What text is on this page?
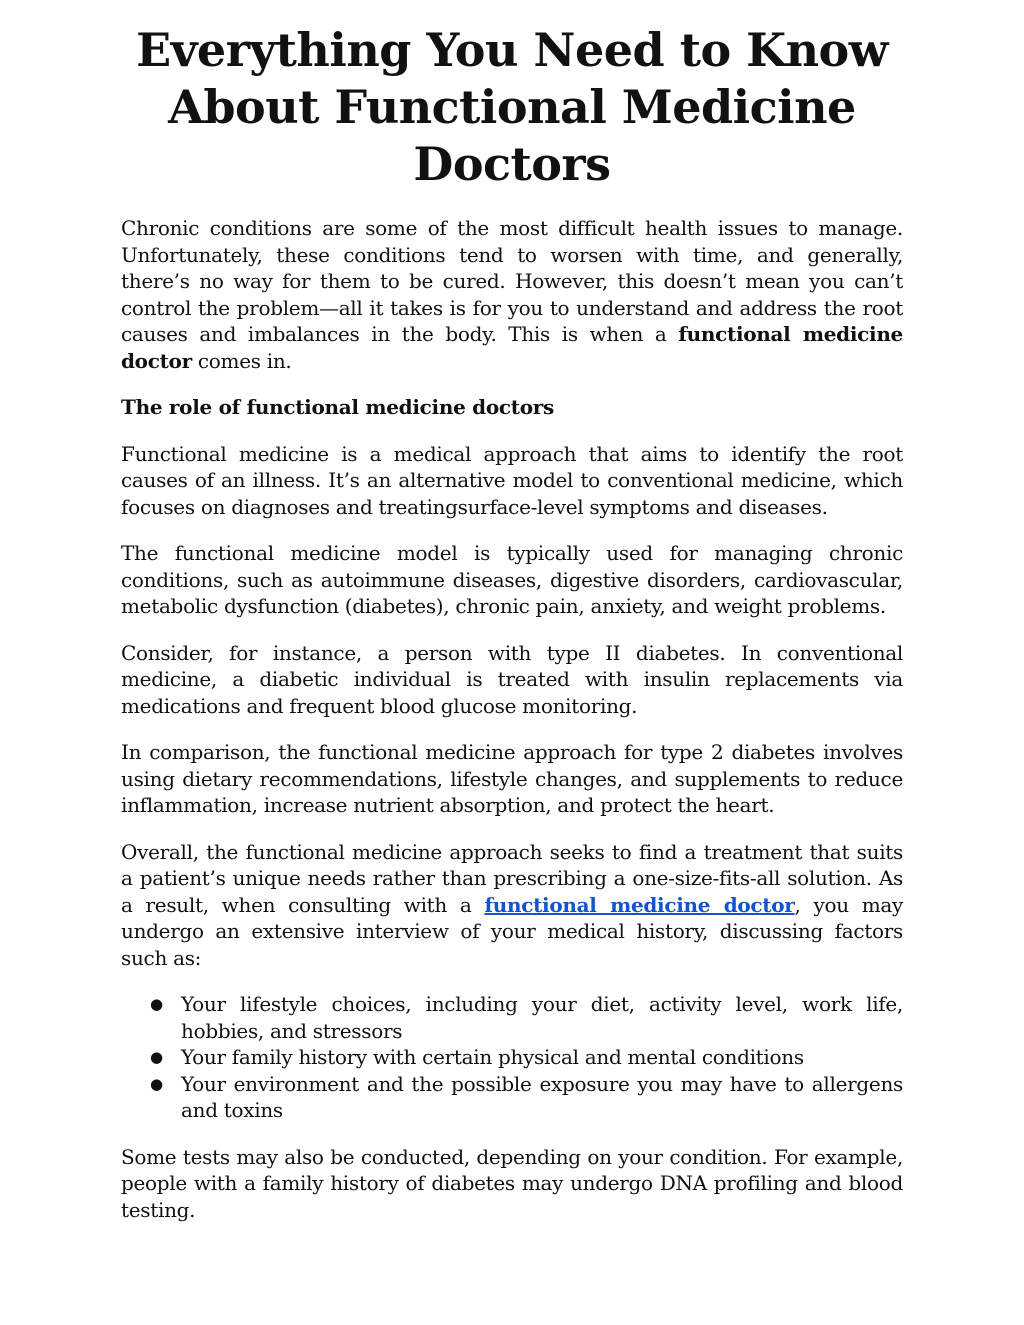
Everything You Need to Know About Functional Medicine Doctors

Chronic conditions are some of the most difficult health issues to manage. Unfortunately, these conditions tend to worsen with time, and generally, there’s no way for them to be cured. However, this doesn’t mean you can’t control the problem—all it takes is for you to understand and address the root causes and imbalances in the body. This is when a functional medicine doctor comes in.

The role of functional medicine doctors

Functional medicine is a medical approach that aims to identify the root causes of an illness. It’s an alternative model to conventional medicine, which focuses on diagnoses and treatingsurface-level symptoms and diseases.

The functional medicine model is typically used for managing chronic conditions, such as autoimmune diseases, digestive disorders, cardiovascular, metabolic dysfunction (diabetes), chronic pain, anxiety, and weight problems.

Consider, for instance, a person with type II diabetes. In conventional medicine, a diabetic individual is treated with insulin replacements via medications and frequent blood glucose monitoring.

In comparison, the functional medicine approach for type 2 diabetes involves using dietary recommendations, lifestyle changes, and supplements to reduce inflammation, increase nutrient absorption, and protect the heart.

Overall, the functional medicine approach seeks to find a treatment that suits a patient’s unique needs rather than prescribing a one-size-fits-all solution. As a result, when consulting with a functional medicine doctor, you may undergo an extensive interview of your medical history, discussing factors such as:

● Your lifestyle choices, including your diet, activity level, work life, hobbies, and stressors
● Your family history with certain physical and mental conditions
● Your environment and the possible exposure you may have to allergens and toxins

Some tests may also be conducted, depending on your condition. For example, people with a family history of diabetes may undergo DNA profiling and blood testing.
